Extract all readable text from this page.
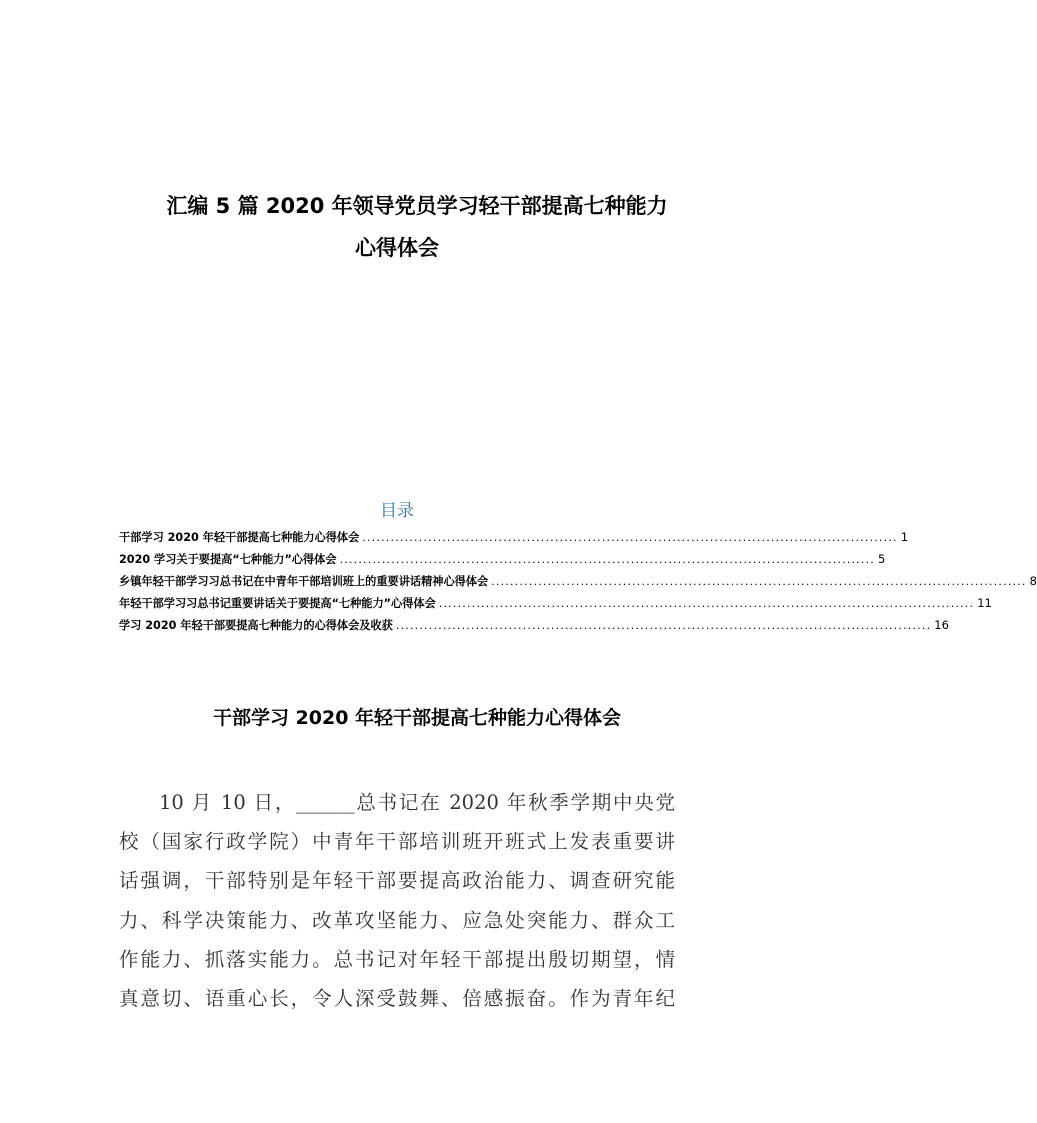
汇编 5 篇 2020 年领导党员学习轻干部提高七种能力
心得体会
目录
干部学习 2020 年轻干部提高七种能力心得体会 .................................................................................................................. 1
2020 学习关于要提高“七种能力”心得体会 .................................................................................................................. 5
乡镇年轻干部学习习总书记在中青年干部培训班上的重要讲话精神心得体会 .................................................................................................................. 8
年轻干部学习习总书记重要讲话关于要提高“七种能力”心得体会 .................................................................................................................. 11
学习 2020 年轻干部要提高七种能力的心得体会及收获 .................................................................................................................. 16
干部学习 2020 年轻干部提高七种能力心得体会
10 月 10 日，______总书记在 2020 年秋季学期中央党
校（国家行政学院）中青年干部培训班开班式上发表重要讲
话强调，干部特别是年轻干部要提高政治能力、调查研究能
力、科学决策能力、改革攻坚能力、应急处突能力、群众工
作能力、抓落实能力。总书记对年轻干部提出殷切期望，情
真意切、语重心长，令人深受鼓舞、倍感振奋。作为青年纪
